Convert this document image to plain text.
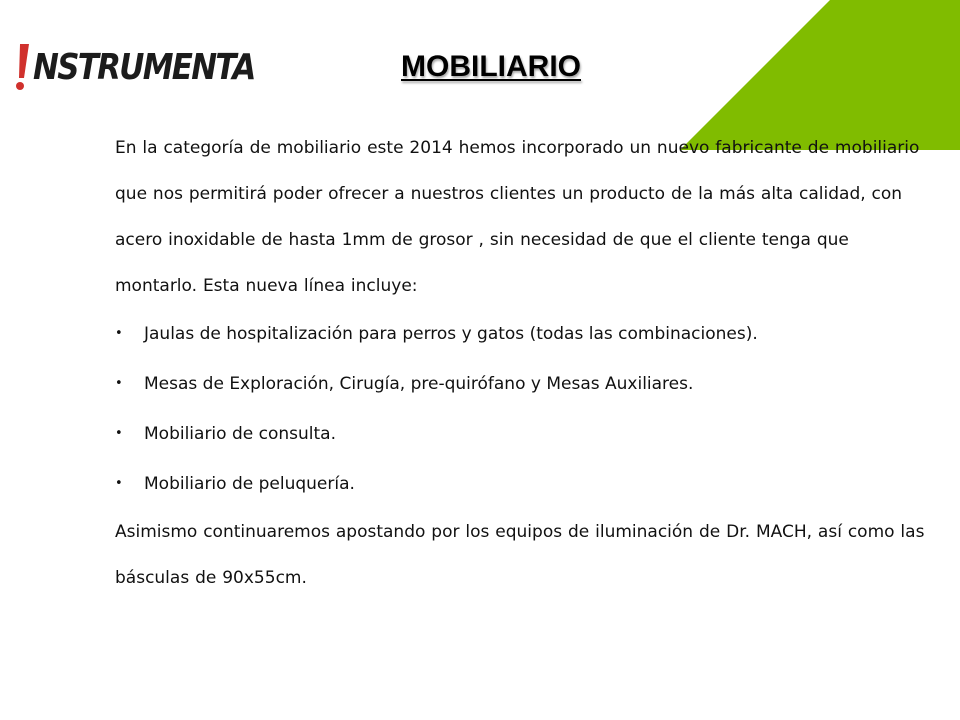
NSTRUMENTA	MOBILIARIO

En la categoría de mobiliario este 2014 hemos incorporado un nuevo fabricante de mobiliario que nos permitirá poder ofrecer a nuestros clientes un producto de la más alta calidad, con acero inoxidable de hasta 1mm de grosor , sin necesidad de que el cliente tenga que montarlo. Esta nueva línea incluye:

• Jaulas de hospitalización para perros y gatos (todas las combinaciones).
• Mesas de Exploración, Cirugía, pre-quirófano y Mesas Auxiliares.
• Mobiliario de consulta.
• Mobiliario de peluquería.

Asimismo continuaremos apostando por los equipos de iluminación de Dr. MACH, así como las básculas de 90x55cm.
